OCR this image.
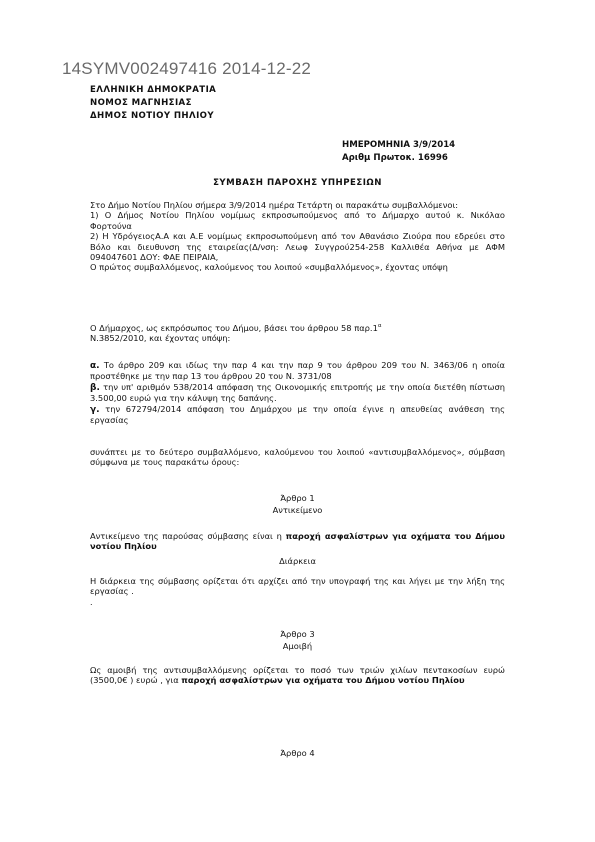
14SYMV002497416 2014-12-22
ΕΛΛΗΝΙΚΗ ΔΗΜΟΚΡΑΤΙΑ
ΝΟΜΟΣ ΜΑΓΝΗΣΙΑΣ
ΔΗΜΟΣ ΝΟΤΙΟΥ ΠΗΛΙΟΥ
ΗΜΕΡΟΜΗΝΙΑ 3/9/2014
Αριθμ Πρωτοκ. 16996
ΣΥΜΒΑΣΗ ΠΑΡΟΧΗΣ ΥΠΗΡΕΣΙΩΝ

Στο Δήμο Νοτίου Πηλίου σήμερα 3/9/2014 ημέρα Τετάρτη οι παρακάτω συμβαλλόμενοι:

1) Ο Δήμος Νοτίου Πηλίου νομίμως εκπροσωπούμενος από το Δήμαρχο αυτού κ. Νικόλαο Φορτούνα

2) Η ΥδρόγειοςΑ.Α και Α.Ε νομίμως εκπροσωπούμενη από τον Αθανάσιο Ζιούρα που εδρεύει στο Βόλο και διευθυνση της εταιρείας(Δ/νση: Λεωφ Συγγρού254-258 Καλλιθέα Αθήνα με ΑΦΜ 094047601 ΔΟΥ: ΦΑΕ ΠΕΙΡΑΙΑ,

Ο πρώτος συμβαλλόμενος, καλούμενος του λοιπού «συμβαλλόμενος», έχοντας υπόψη

Ο Δήμαρχος, ως εκπρόσωπος του Δήμου, βάσει του άρθρου 58 $\pi\alpha\rho.1^\alpha$

Ν.3852/2010, και έχοντας υπόψη:

α. Το άρθρο 209 και ιδίως την παρ 4 και την παρ 9 του άρθρου 209 του Ν. 3463/06 η οποία προστέθηκε με την παρ 13 του άρθρου 20 του Ν. 3731/08

β. την υπ' αριθμόν 538/2014 απόφαση της Οικονομικής επιτροπής με την οποία διετέθη πίστωση 3.500,00 ευρώ για την κάλυψη της δαπάνης.

γ. την 672794/2014 απόφαση του Δημάρχου με την οποία έγινε η απευθείας ανάθεση της εργασίας

συνάπτει με το δεύτερο συμβαλλόμενο, καλούμενου του λοιπού «αντισυμβαλλόμενος», σύμβαση σύμφωνα με τους παρακάτω όρους:
Άρθρο 1
Αντικείμενο

Αντικείμενο της παρούσας σύμβασης είναι η παροχή ασφαλίστρων για οχήματα του Δήμου νοτίου Πηλίου

Διάρκεια
Η διάρκεια της σύμβασης ορίζεται ότι αρχίζει από την υπογραφή της και λήγει με την λήξη της εργασίας .
.
Άρθρο 3
Αμοιβή

Ως αμοιβή της αντισυμβαλλόμενης ορίζεται το ποσό των τριών χιλίων πεντακοσίων ευρώ (3500,0€ ) ευρώ , για παροχή ασφαλίστρων για οχήματα του Δήμου νοτίου Πηλίου

Άρθρο 4
